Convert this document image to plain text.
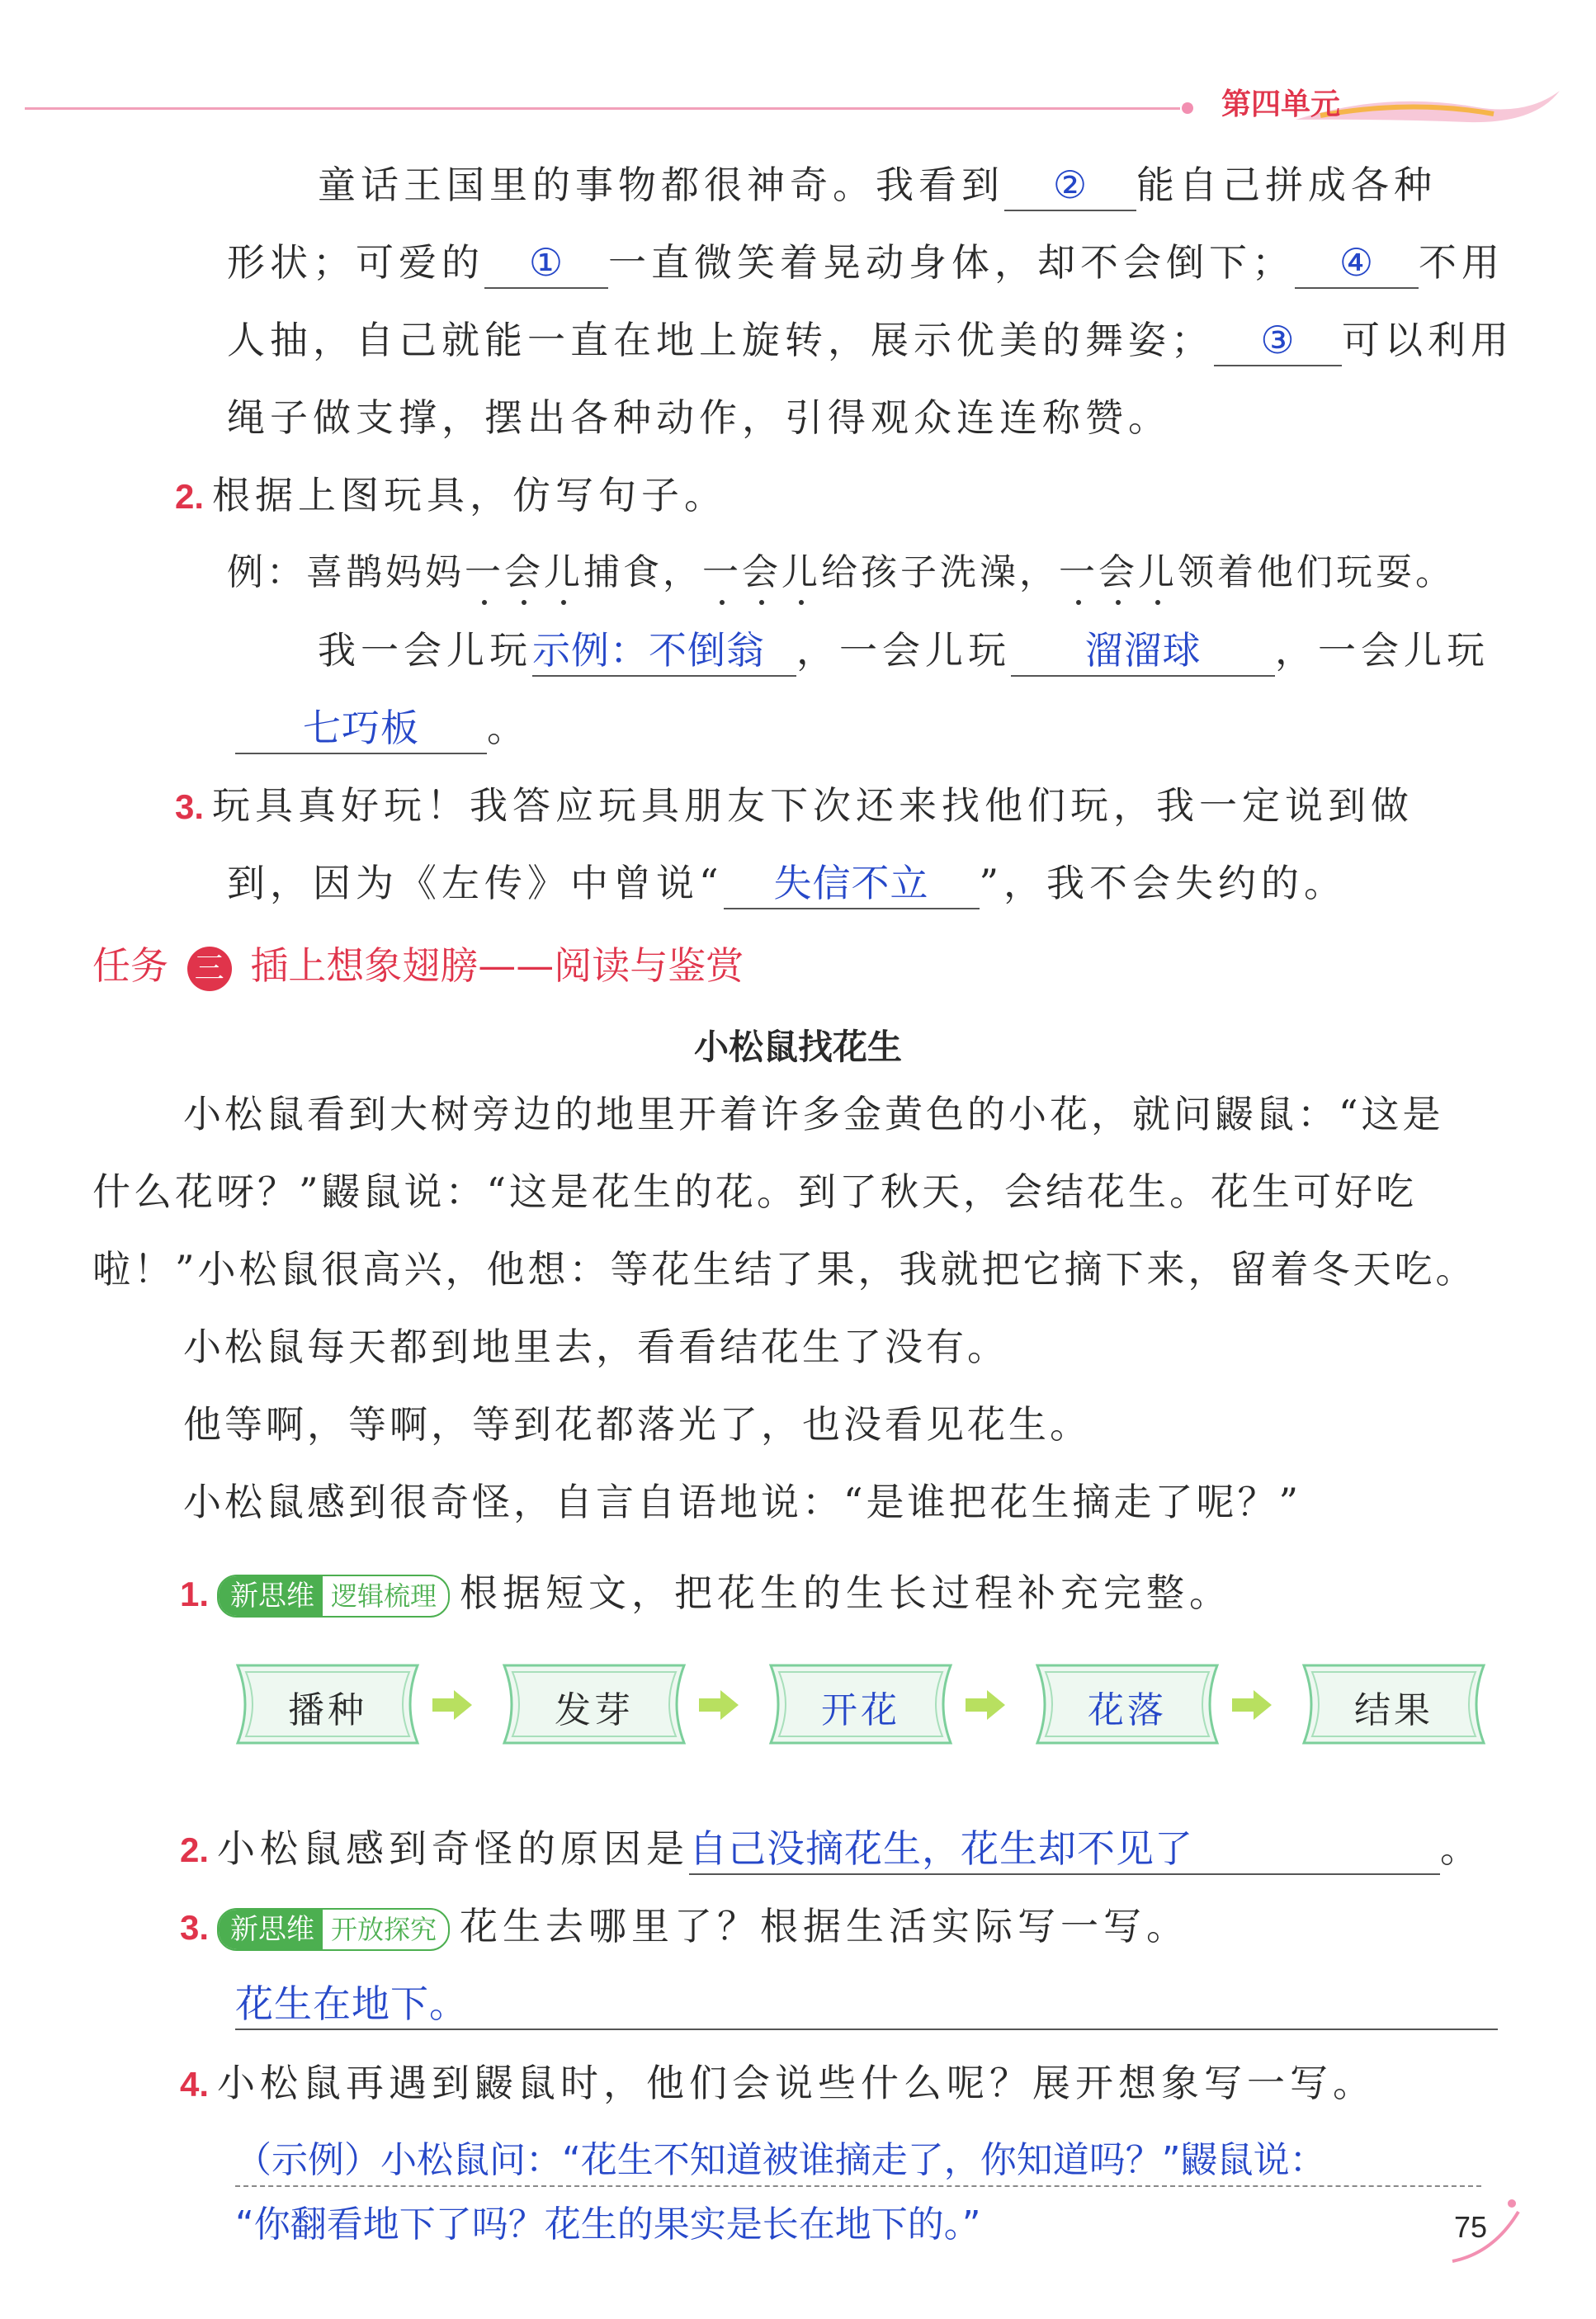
第四单元
童话王国里的事物都很神奇。我看到 ② 能自己拼成各种
形状；可爱的 ① 一直微笑着晃动身体，却不会倒下； ④ 不用
人抽，自己就能一直在地上旋转，展示优美的舞姿； ③ 可以利用
绳子做支撑，摆出各种动作，引得观众连连称赞。
2. 根据上图玩具，仿写句子。
例：喜鹊妈妈一会儿捕食，一会儿给孩子洗澡，一会儿领着他们玩耍。
我一会儿玩示例：不倒翁 ，一会儿玩 溜溜球 ，一会儿玩
七巧板 。
3. 玩具真好玩！我答应玩具朋友下次还来找他们玩，我一定说到做
到，因为《左传》中曾说“ 失信不立 ”，我不会失约的。
任务 三 插上想象翅膀——阅读与鉴赏
小松鼠找花生
小松鼠看到大树旁边的地里开着许多金黄色的小花，就问鼹鼠：“这是
什么花呀？”鼹鼠说：“这是花生的花。到了秋天，会结花生。花生可好吃
啦！”小松鼠很高兴，他想：等花生结了果，我就把它摘下来，留着冬天吃。
小松鼠每天都到地里去，看看结花生了没有。
他等啊，等啊，等到花都落光了，也没看见花生。
小松鼠感到很奇怪，自言自语地说：“是谁把花生摘走了呢？”
1. 新思维 逻辑梳理 根据短文，把花生的生长过程补充完整。
播种	发芽	开花	花落	结果
2. 小松鼠感到奇怪的原因是自己没摘花生，花生却不见了	。
3. 新思维 开放探究 花生去哪里了？根据生活实际写一写。
花生在地下。
4. 小松鼠再遇到鼹鼠时，他们会说些什么呢？展开想象写一写。
（示例）小松鼠问：“花生不知道被谁摘走了，你知道吗？”鼹鼠说：
“你翻看地下了吗？花生的果实是长在地下的。”	75
